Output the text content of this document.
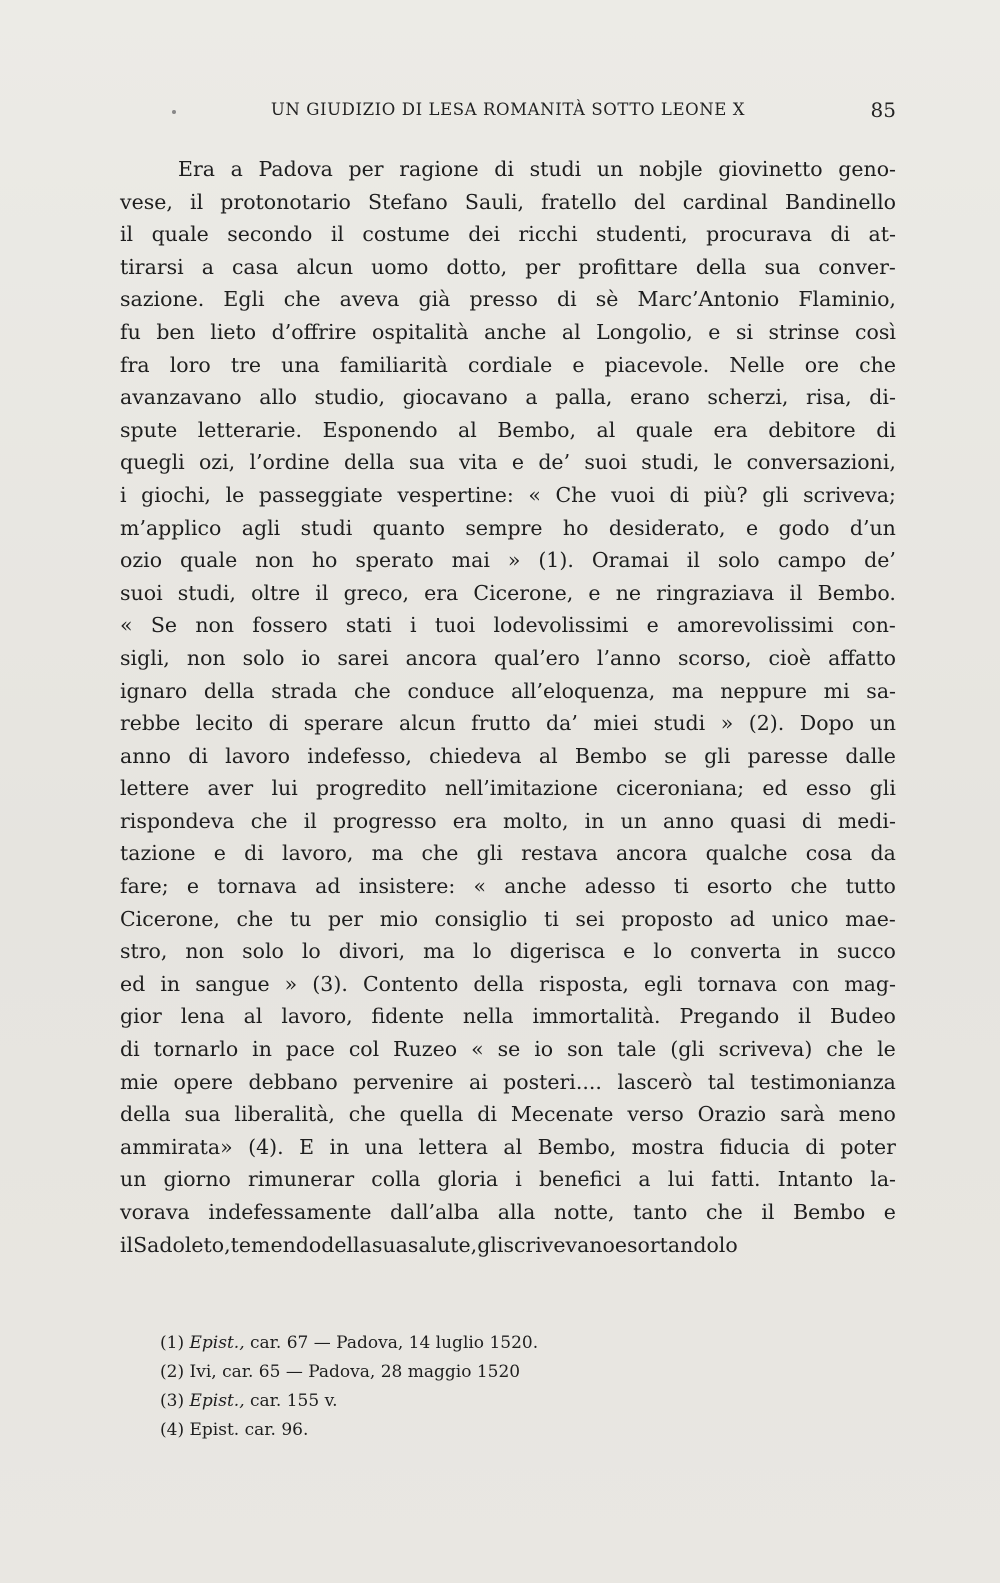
UN GIUDIZIO DI LESA ROMANITÀ SOTTO LEONE X	85
Era a Padova per ragione di studi un nobjle giovinetto geno-
vese, il protonotario Stefano Sauli, fratello del cardinal Bandinello
il quale secondo il costume dei ricchi studenti, procurava di at-
tirarsi a casa alcun uomo dotto, per profittare della sua conver-
sazione. Egli che aveva già presso di sè Marc’Antonio Flaminio,
fu ben lieto d’offrire ospitalità anche al Longolio, e si strinse così
fra loro tre una familiarità cordiale e piacevole. Nelle ore che
avanzavano allo studio, giocavano a palla, erano scherzi, risa, di-
spute letterarie. Esponendo al Bembo, al quale era debitore di
quegli ozi, l’ordine della sua vita e de’ suoi studi, le conversazioni,
i giochi, le passeggiate vespertine: « Che vuoi di più? gli scriveva;
m’applico agli studi quanto sempre ho desiderato, e godo d’un
ozio quale non ho sperato mai » (1). Oramai il solo campo de’
suoi studi, oltre il greco, era Cicerone, e ne ringraziava il Bembo.
« Se non fossero stati i tuoi lodevolissimi e amorevolissimi con-
sigli, non solo io sarei ancora qual’ero l’anno scorso, cioè affatto
ignaro della strada che conduce all’eloquenza, ma neppure mi sa-
rebbe lecito di sperare alcun frutto da’ miei studi » (2). Dopo un
anno di lavoro indefesso, chiedeva al Bembo se gli paresse dalle
lettere aver lui progredito nell’imitazione ciceroniana; ed esso gli
rispondeva che il progresso era molto, in un anno quasi di medi-
tazione e di lavoro, ma che gli restava ancora qualche cosa da
fare; e tornava ad insistere: « anche adesso ti esorto che tutto
Cicerone, che tu per mio consiglio ti sei proposto ad unico mae-
stro, non solo lo divori, ma lo digerisca e lo converta in succo
ed in sangue » (3). Contento della risposta, egli tornava con mag-
gior lena al lavoro, fidente nella immortalità. Pregando il Budeo
di tornarlo in pace col Ruzeo « se io son tale (gli scriveva) che le
mie opere debbano pervenire ai posteri.... lascerò tal testimonianza
della sua liberalità, che quella di Mecenate verso Orazio sarà meno
ammirata» (4). E in una lettera al Bembo, mostra fiducia di poter
un giorno rimunerar colla gloria i benefici a lui fatti. Intanto la-
vorava indefessamente dall’alba alla notte, tanto che il Bembo e
il Sadoleto, temendo della sua salute, gli scrivevano esortandolo
(1) Epist., car. 67 — Padova, 14 luglio 1520.
(2) Ivi, car. 65 — Padova, 28 maggio 1520
(3) Epist., car. 155 v.
(4) Epist. car. 96.
